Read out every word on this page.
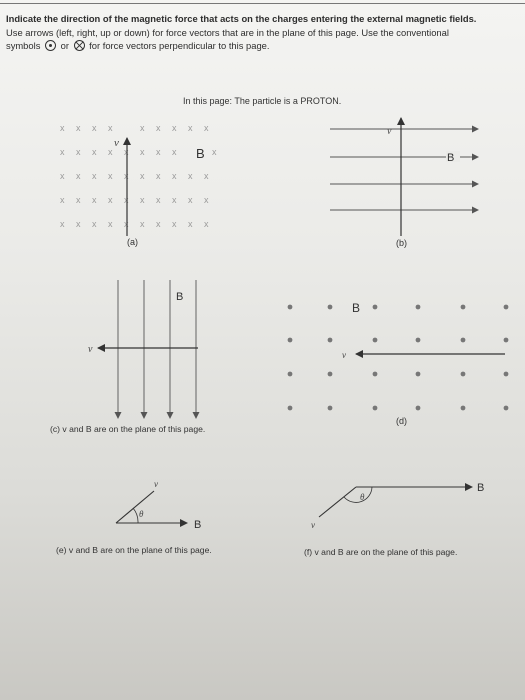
Indicate the direction of the magnetic force that acts on the charges entering the external magnetic fields.
Use arrows (left, right, up or down) for force vectors that are in the plane of this page. Use the conventional
symbols or for force vectors perpendicular to this page.
In this page: The particle is a PROTON.
x x x x	x x x x x
x x x x x x x x
x x x x x x x x x x
x x x x x x x x x x
x x x x x x x x x x
x
v
B
(a)
v
B
(b)
v
B
(c) v and B are on the plane of this page.
v
B
(d)
θ
v
B
(e) v and B are on the plane of this page.
θ
v
B
(f) v and B are on the plane of this page.
